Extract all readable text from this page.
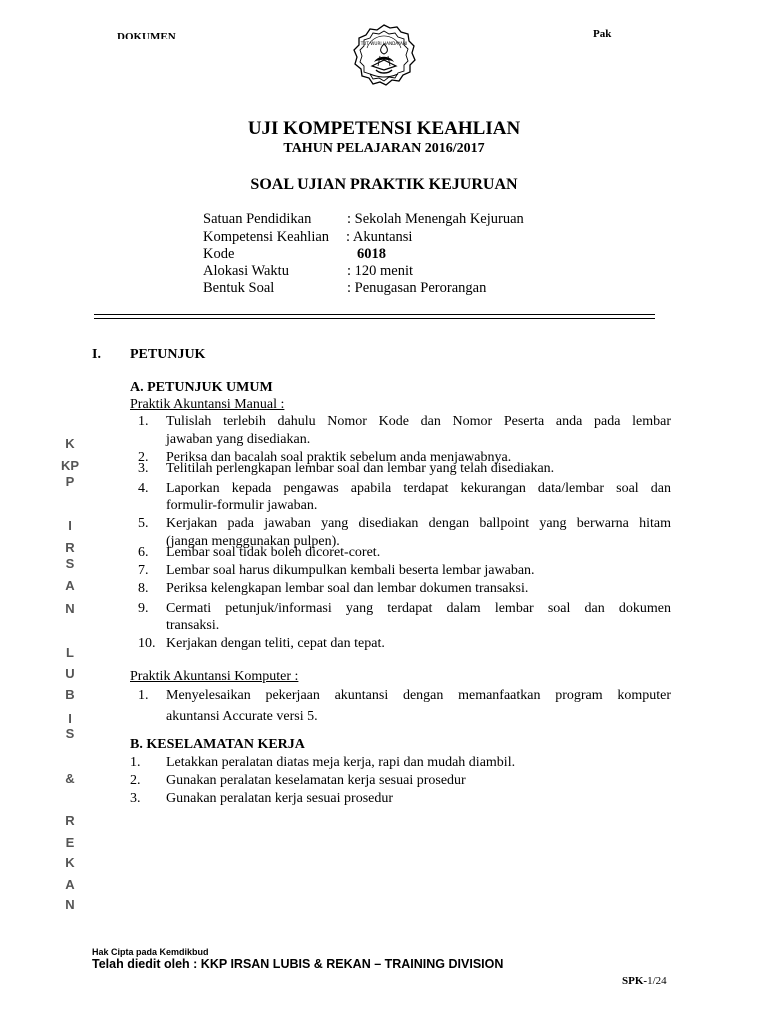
DOKUMEN	Pak
TUT WURI HANDAYANI
UJI KOMPETENSI KEAHLIAN
TAHUN PELAJARAN 2016/2017
SOAL UJIAN PRAKTIK KEJURUAN
Satuan Pendidikan : Sekolah Menengah Kejuruan
Kompetensi Keahlian : Akuntansi
Kode	6018
Alokasi Waktu	: 120 menit
Bentuk Soal	: Penugasan Perorangan
I. PETUNJUK
A. PETUNJUK UMUM
Praktik Akuntansi Manual :
1. Tulislah terlebih dahulu Nomor Kode dan Nomor Peserta anda pada lembar
jawaban yang disediakan.
2. Periksa dan bacalah soal praktik sebelum anda menjawabnya.
3. Telitilah perlengkapan lembar soal dan lembar yang telah disediakan.
4. Laporkan kepada pengawas apabila terdapat kekurangan data/lembar soal dan
formulir-formulir jawaban.
5. Kerjakan pada jawaban yang disediakan dengan ballpoint yang berwarna hitam
(jangan menggunakan pulpen).
6. Lembar soal tidak boleh dicoret-coret.
7. Lembar soal harus dikumpulkan kembali beserta lembar jawaban.
8. Periksa kelengkapan lembar soal dan lembar dokumen transaksi.
9. Cermati petunjuk/informasi yang terdapat dalam lembar soal dan dokumen
transaksi.
10. Kerjakan dengan teliti, cepat dan tepat.
Praktik Akuntansi Komputer :
1. Menyelesaikan pekerjaan akuntansi dengan memanfaatkan program komputer
akuntansi Accurate versi 5.
B. KESELAMATAN KERJA
1. Letakkan peralatan diatas meja kerja, rapi dan mudah diambil.
2. Gunakan peralatan keselamatan kerja sesuai prosedur
3. Gunakan peralatan kerja sesuai prosedur
K
KP
P
I
R
S
A
N
L
U
B
I
S
&
R
E
K
A
N
Hak Cipta pada Kemdikbud
Telah diedit oleh : KKP IRSAN LUBIS & REKAN – TRAINING DIVISION
SPK-1/24
